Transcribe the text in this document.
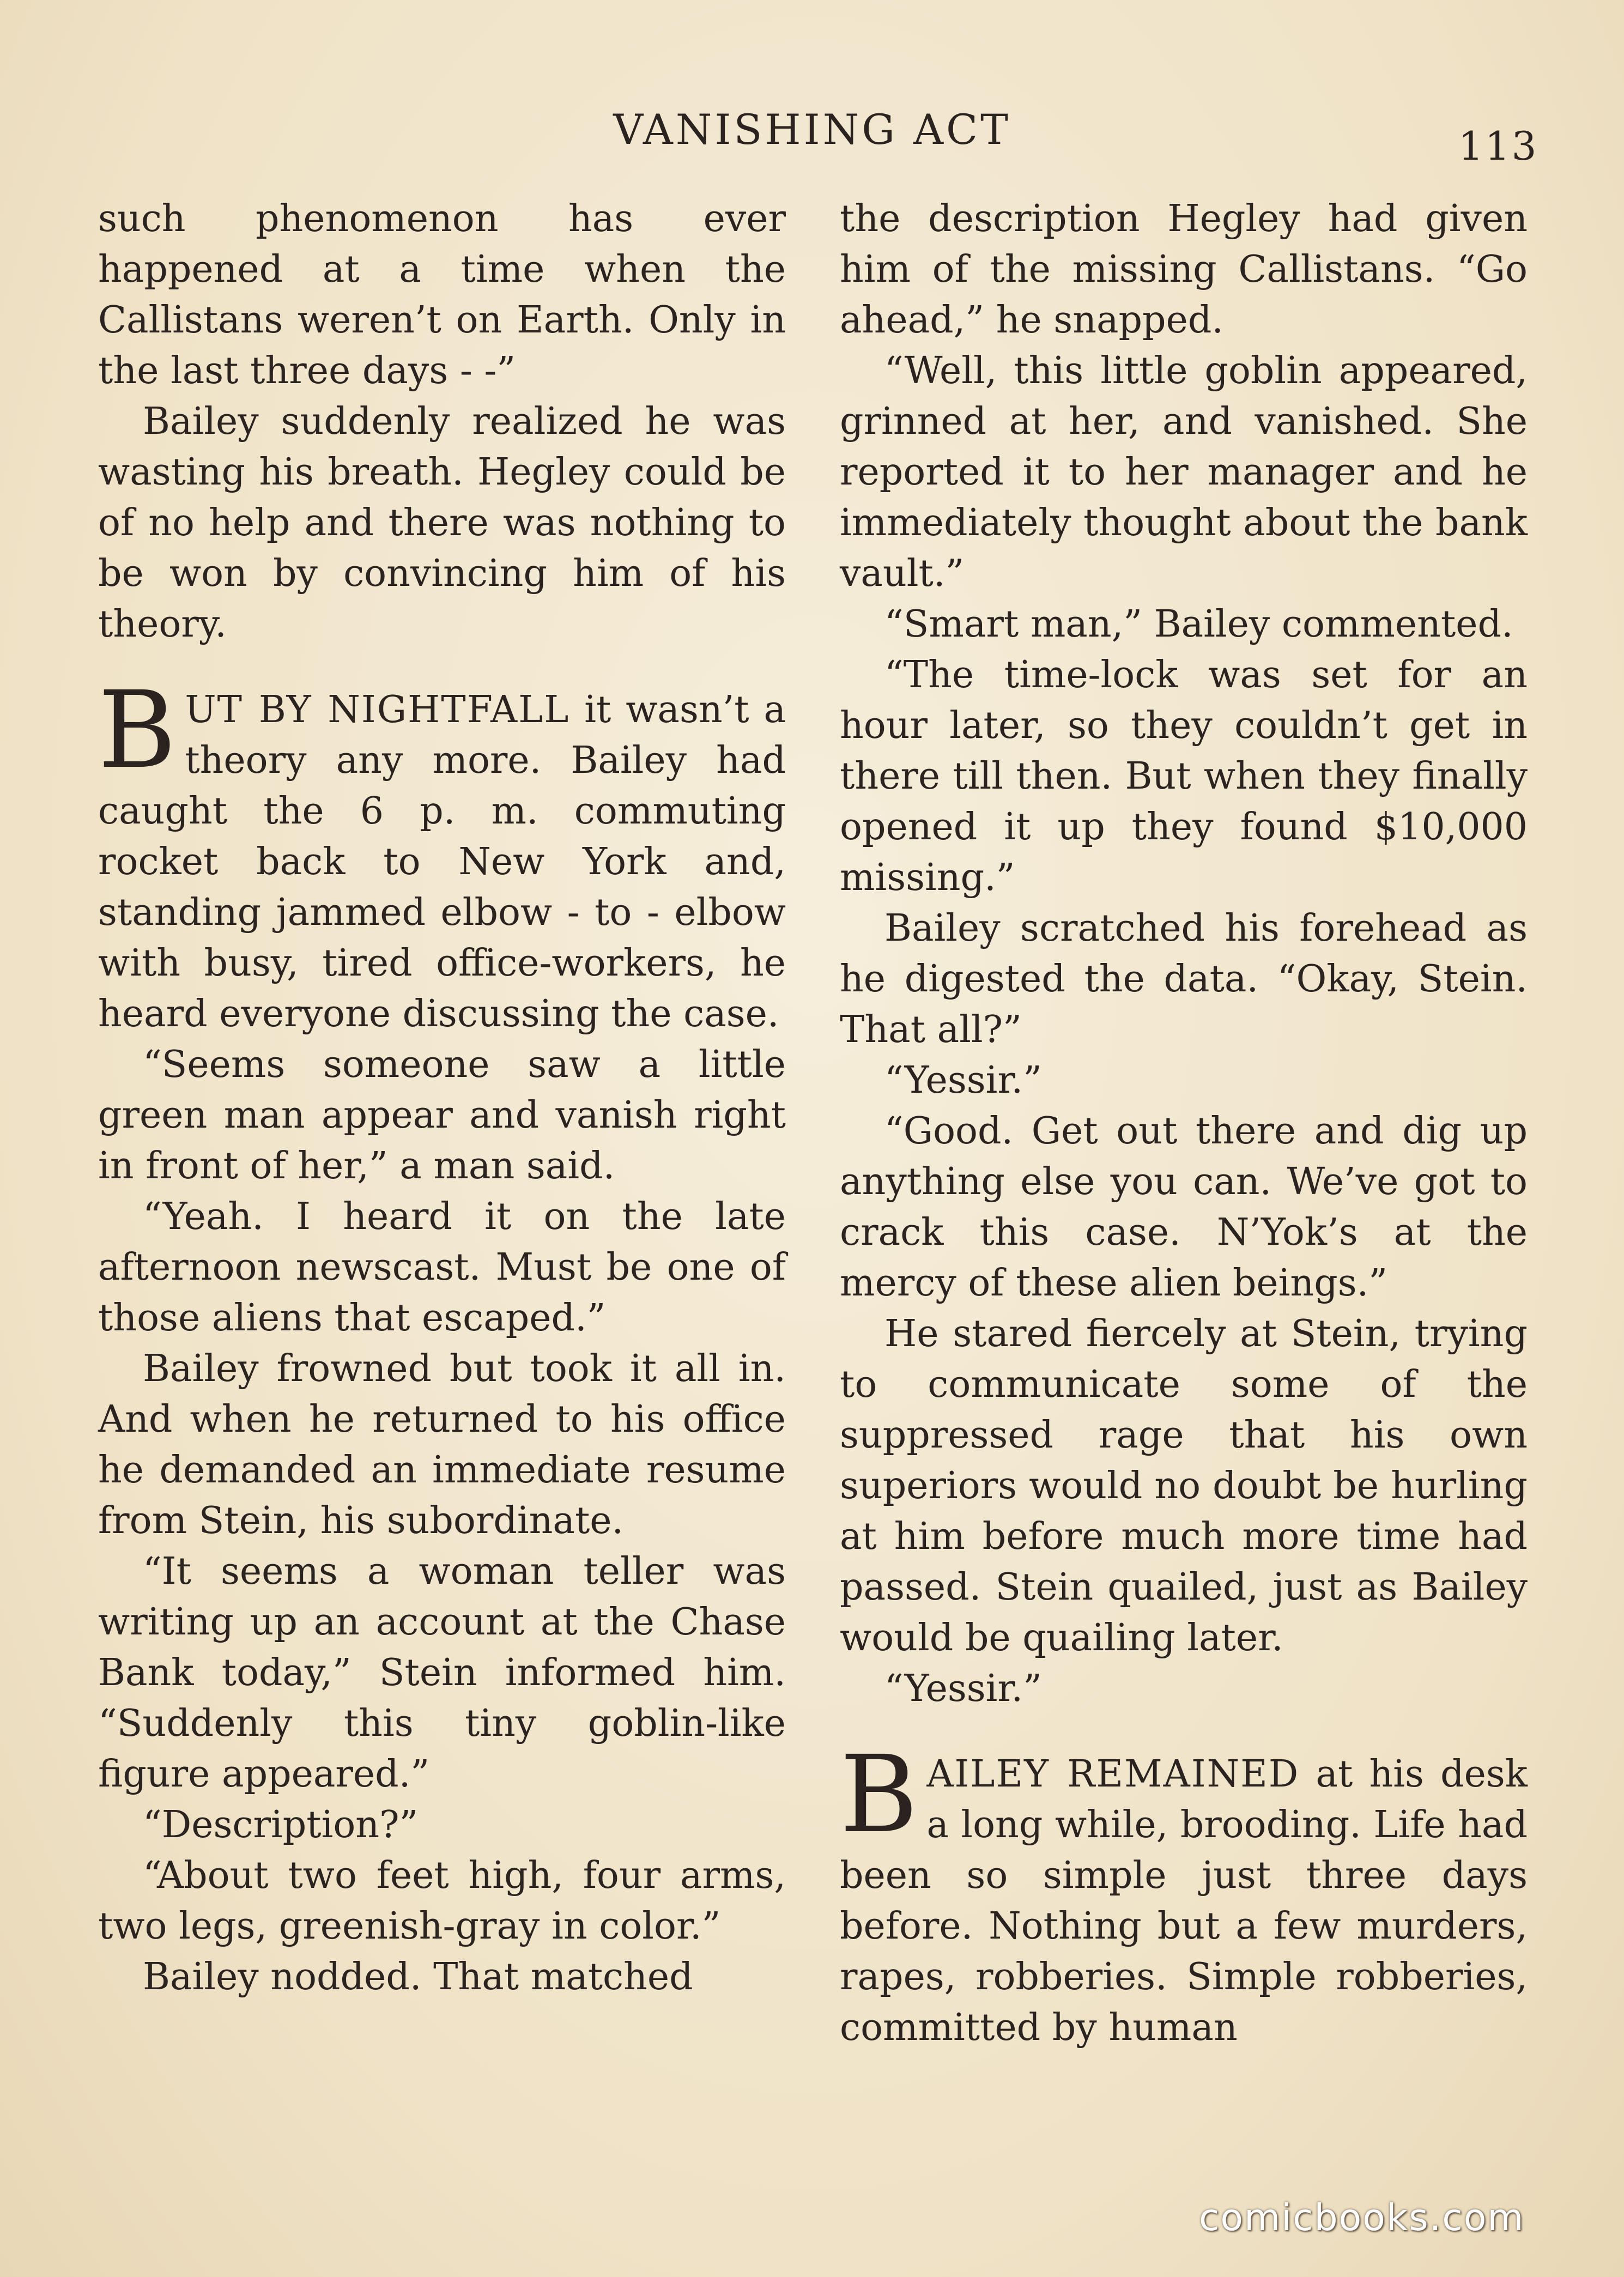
VANISHING ACT	113

such phenomenon has ever happened at a time when the Callistans weren’t on Earth. Only in the last three days - -”

Bailey suddenly realized he was wasting his breath. Hegley could be of no help and there was nothing to be won by convincing him of his theory.

BUT BY NIGHTFALL it wasn’t a theory any more. Bailey had caught the 6 p. m. commuting rocket back to New York and, standing jammed elbow - to - elbow with busy, tired office-workers, he heard everyone discussing the case.

“Seems someone saw a little green man appear and vanish right in front of her,” a man said.

“Yeah. I heard it on the late afternoon newscast. Must be one of those aliens that escaped.”

Bailey frowned but took it all in. And when he returned to his office he demanded an immediate resume from Stein, his subordinate.

“It seems a woman teller was writing up an account at the Chase Bank today,” Stein informed him. “Suddenly this tiny goblin-like figure appeared.”

“Description?”

“About two feet high, four arms, two legs, greenish-gray in color.”

Bailey nodded. That matched

the description Hegley had given him of the missing Callistans. “Go ahead,” he snapped.

“Well, this little goblin appeared, grinned at her, and vanished. She reported it to her manager and he immediately thought about the bank vault.”

“Smart man,” Bailey commented.

“The time-lock was set for an hour later, so they couldn’t get in there till then. But when they finally opened it up they found $10,000 missing.”

Bailey scratched his forehead as he digested the data. “Okay, Stein. That all?”

“Yessir.”

“Good. Get out there and dig up anything else you can. We’ve got to crack this case. N’Yok’s at the mercy of these alien beings.”

He stared fiercely at Stein, trying to communicate some of the suppressed rage that his own superiors would no doubt be hurling at him before much more time had passed. Stein quailed, just as Bailey would be quailing later.

“Yessir.”

BAILEY REMAINED at his desk a long while, brooding. Life had been so simple just three days before. Nothing but a few murders, rapes, robberies. Simple robberies, committed by human

comicbooks.com
